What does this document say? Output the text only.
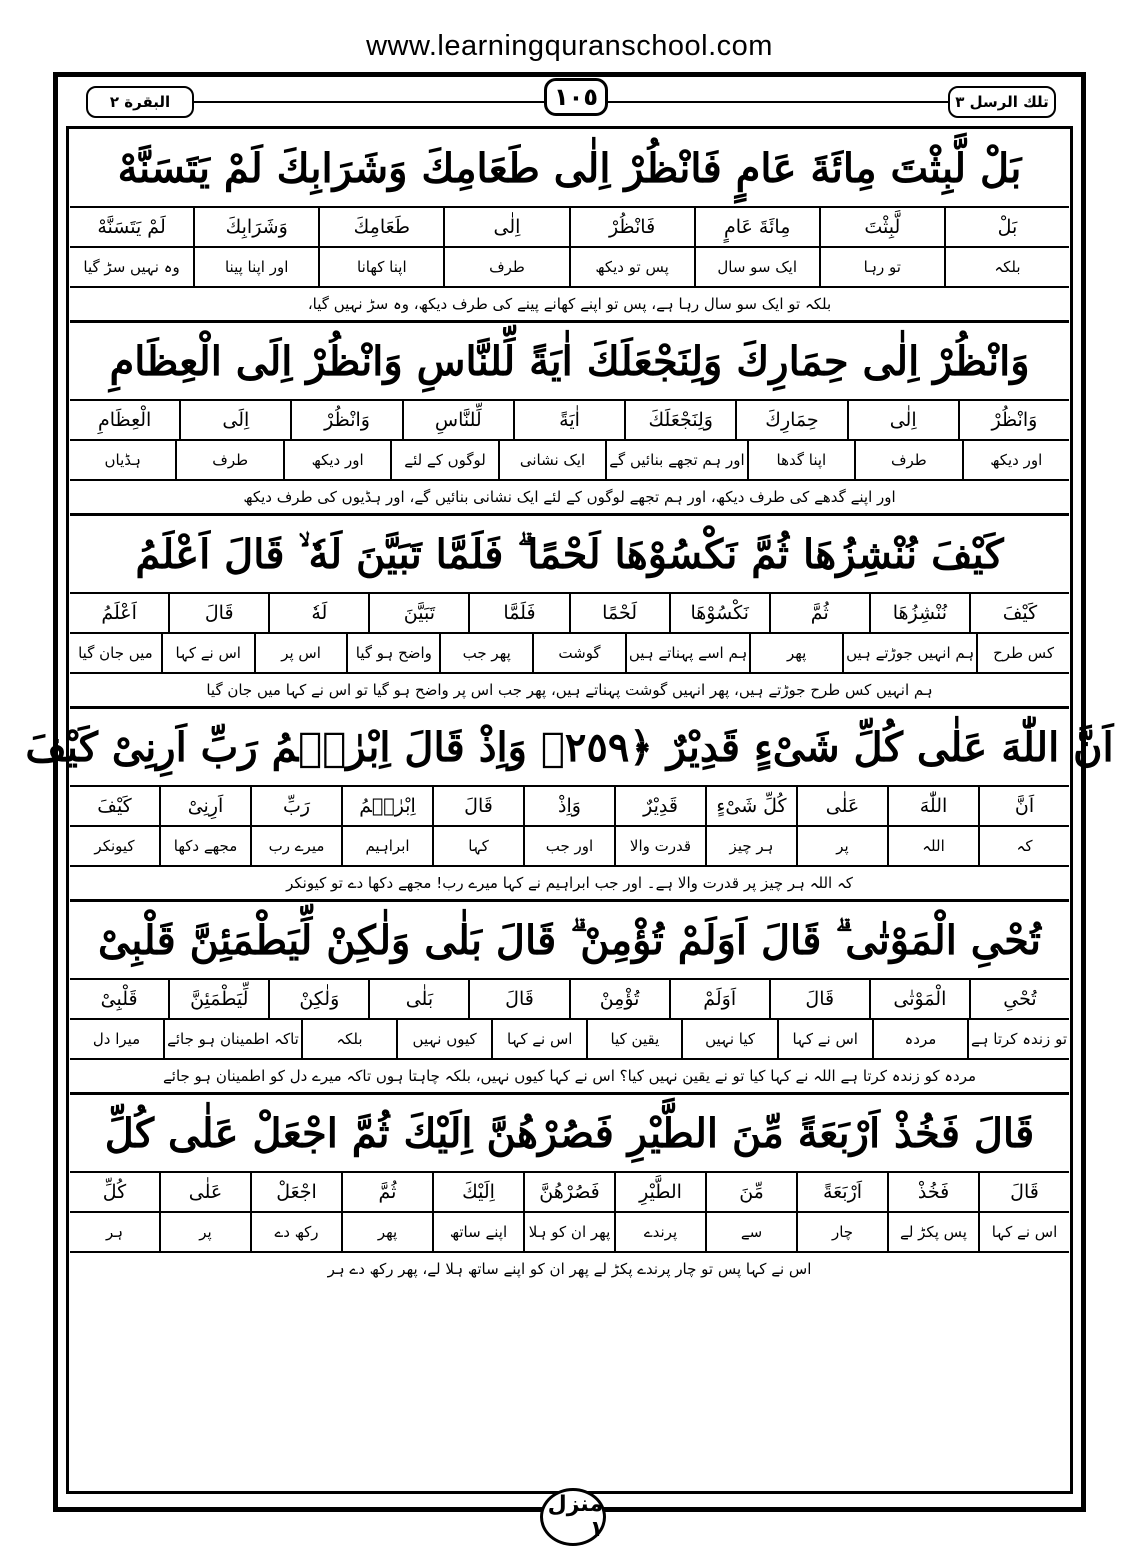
www.learningquranschool.com
تلك الرسل ٣
١٠٥
البقرة ٢
بَلْ لَّبِثْتَ مِائَةَ عَامٍ فَانْظُرْ اِلٰى طَعَامِكَ وَشَرَابِكَ لَمْ يَتَسَنَّهْ
بَلْ
لَّبِثْتَ
مِائَةَ عَامٍ
فَانْظُرْ
اِلٰى
طَعَامِكَ
وَشَرَابِكَ
لَمْ يَتَسَنَّهْ
بلکہ
تو رہا
ایک سو سال
پس تو دیکھ
طرف
اپنا کھانا
اور اپنا پینا
وہ نہیں سڑ گیا
بلکہ تو ایک سو سال رہا ہے، پس تو اپنے کھانے پینے کی طرف دیکھ، وہ سڑ نہیں گیا،
وَانْظُرْ اِلٰى حِمَارِكَ وَلِنَجْعَلَكَ اٰيَةً لِّلنَّاسِ وَانْظُرْ اِلَى الْعِظَامِ
وَانْظُرْ
اِلٰى
حِمَارِكَ
وَلِنَجْعَلَكَ
اٰيَةً
لِّلنَّاسِ
وَانْظُرْ
اِلَى
الْعِظَامِ
اور دیکھ
طرف
اپنا گدھا
اور ہم تجھے بنائیں گے
ایک نشانی
لوگوں کے لئے
اور دیکھ
طرف
ہڈیاں
اور اپنے گدھے کی طرف دیکھ، اور ہم تجھے لوگوں کے لئے ایک نشانی بنائیں گے، اور ہڈیوں کی طرف دیکھ
كَيْفَ نُنْشِزُهَا ثُمَّ نَكْسُوْهَا لَحْمًا ۗ فَلَمَّا تَبَيَّنَ لَهٗ ۙ قَالَ اَعْلَمُ
كَيْفَ
نُنْشِزُهَا
ثُمَّ
نَكْسُوْهَا
لَحْمًا
فَلَمَّا
تَبَيَّنَ
لَهٗ
قَالَ
اَعْلَمُ
کس طرح
ہم انہیں جوڑتے ہیں
پھر
ہم اسے پہناتے ہیں
گوشت
پھر جب
واضح ہو گیا
اس پر
اس نے کہا
میں جان گیا
ہم انہیں کس طرح جوڑتے ہیں، پھر انہیں گوشت پہناتے ہیں، پھر جب اس پر واضح ہو گیا تو اس نے کہا میں جان گیا
اَنَّ اللّٰهَ عَلٰى كُلِّ شَىْءٍ قَدِيْرٌ ﴿٢٥٩﴾ وَاِذْ قَالَ اِبْرٰهٖمُ رَبِّ اَرِنِىْ كَيْفَ
اَنَّ
اللّٰهَ
عَلٰى
كُلِّ شَىْءٍ
قَدِيْرٌ
وَاِذْ
قَالَ
اِبْرٰهٖمُ
رَبِّ
اَرِنِىْ
كَيْفَ
کہ
اللہ
پر
ہر چیز
قدرت والا
اور جب
کہا
ابراہیم
میرے رب
مجھے دکھا
کیونکر
کہ اللہ ہر چیز پر قدرت والا ہے۔ اور جب ابراہیم نے کہا میرے رب! مجھے دکھا دے تو کیونکر
تُحْىِ الْمَوْتٰى ۗ قَالَ اَوَلَمْ تُؤْمِنْ ۗ قَالَ بَلٰى وَلٰكِنْ لِّيَطْمَئِنَّ قَلْبِىْ
تُحْىِ
الْمَوْتٰى
قَالَ
اَوَلَمْ
تُؤْمِنْ
قَالَ
بَلٰى
وَلٰكِنْ
لِّيَطْمَئِنَّ
قَلْبِىْ
تو زندہ کرتا ہے
مردہ
اس نے کہا
کیا نہیں
یقین کیا
اس نے کہا
کیوں نہیں
بلکہ
تاکہ اطمینان ہو جائے
میرا دل
مردہ کو زندہ کرتا ہے اللہ نے کہا کیا تو نے یقین نہیں کیا؟ اس نے کہا کیوں نہیں، بلکہ چاہتا ہوں تاکہ میرے دل کو اطمینان ہو جائے
قَالَ فَخُذْ اَرْبَعَةً مِّنَ الطَّيْرِ فَصُرْهُنَّ اِلَيْكَ ثُمَّ اجْعَلْ عَلٰى كُلِّ
قَالَ
فَخُذْ
اَرْبَعَةً
مِّنَ
الطَّيْرِ
فَصُرْهُنَّ
اِلَيْكَ
ثُمَّ
اجْعَلْ
عَلٰى
كُلِّ
اس نے کہا
پس پکڑ لے
چار
سے
پرندے
پھر ان کو ہلا
اپنے ساتھ
پھر
رکھ دے
پر
ہر
اس نے کہا پس تو چار پرندے پکڑ لے پھر ان کو اپنے ساتھ ہلا لے، پھر رکھ دے ہر
منزل ١
